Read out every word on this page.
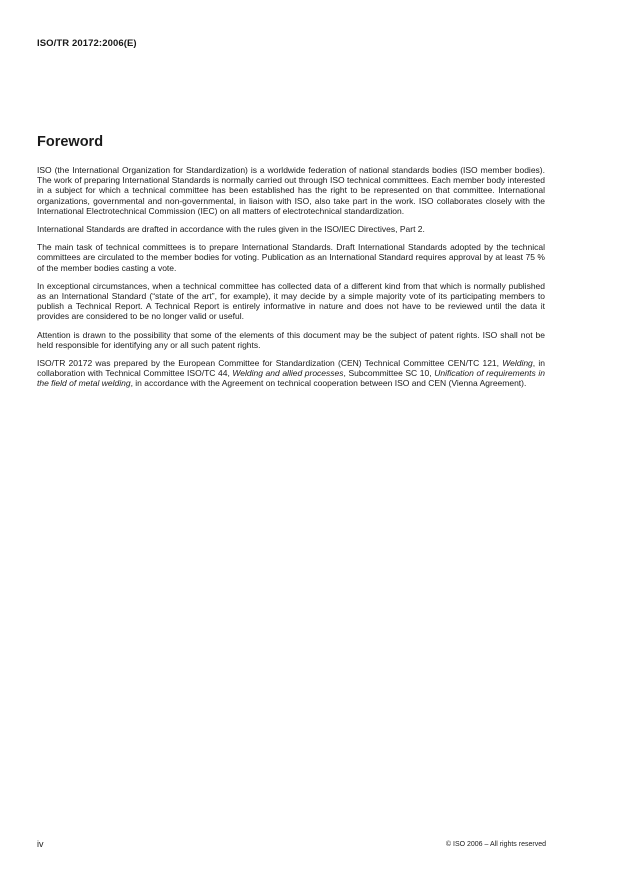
ISO/TR 20172:2006(E)
Foreword

ISO (the International Organization for Standardization) is a worldwide federation of national standards bodies (ISO member bodies). The work of preparing International Standards is normally carried out through ISO technical committees. Each member body interested in a subject for which a technical committee has been established has the right to be represented on that committee. International organizations, governmental and non-governmental, in liaison with ISO, also take part in the work. ISO collaborates closely with the International Electrotechnical Commission (IEC) on all matters of electrotechnical standardization.

International Standards are drafted in accordance with the rules given in the ISO/IEC Directives, Part 2.

The main task of technical committees is to prepare International Standards. Draft International Standards adopted by the technical committees are circulated to the member bodies for voting. Publication as an International Standard requires approval by at least 75 % of the member bodies casting a vote.

In exceptional circumstances, when a technical committee has collected data of a different kind from that which is normally published as an International Standard (“state of the art”, for example), it may decide by a simple majority vote of its participating members to publish a Technical Report. A Technical Report is entirely informative in nature and does not have to be reviewed until the data it provides are considered to be no longer valid or useful.

Attention is drawn to the possibility that some of the elements of this document may be the subject of patent rights. ISO shall not be held responsible for identifying any or all such patent rights.

ISO/TR 20172 was prepared by the European Committee for Standardization (CEN) Technical Committee CEN/TC 121, Welding, in collaboration with Technical Committee ISO/TC 44, Welding and allied processes, Subcommittee SC 10, Unification of requirements in the field of metal welding, in accordance with the Agreement on technical cooperation between ISO and CEN (Vienna Agreement).

iv	© ISO 2006 – All rights reserved
